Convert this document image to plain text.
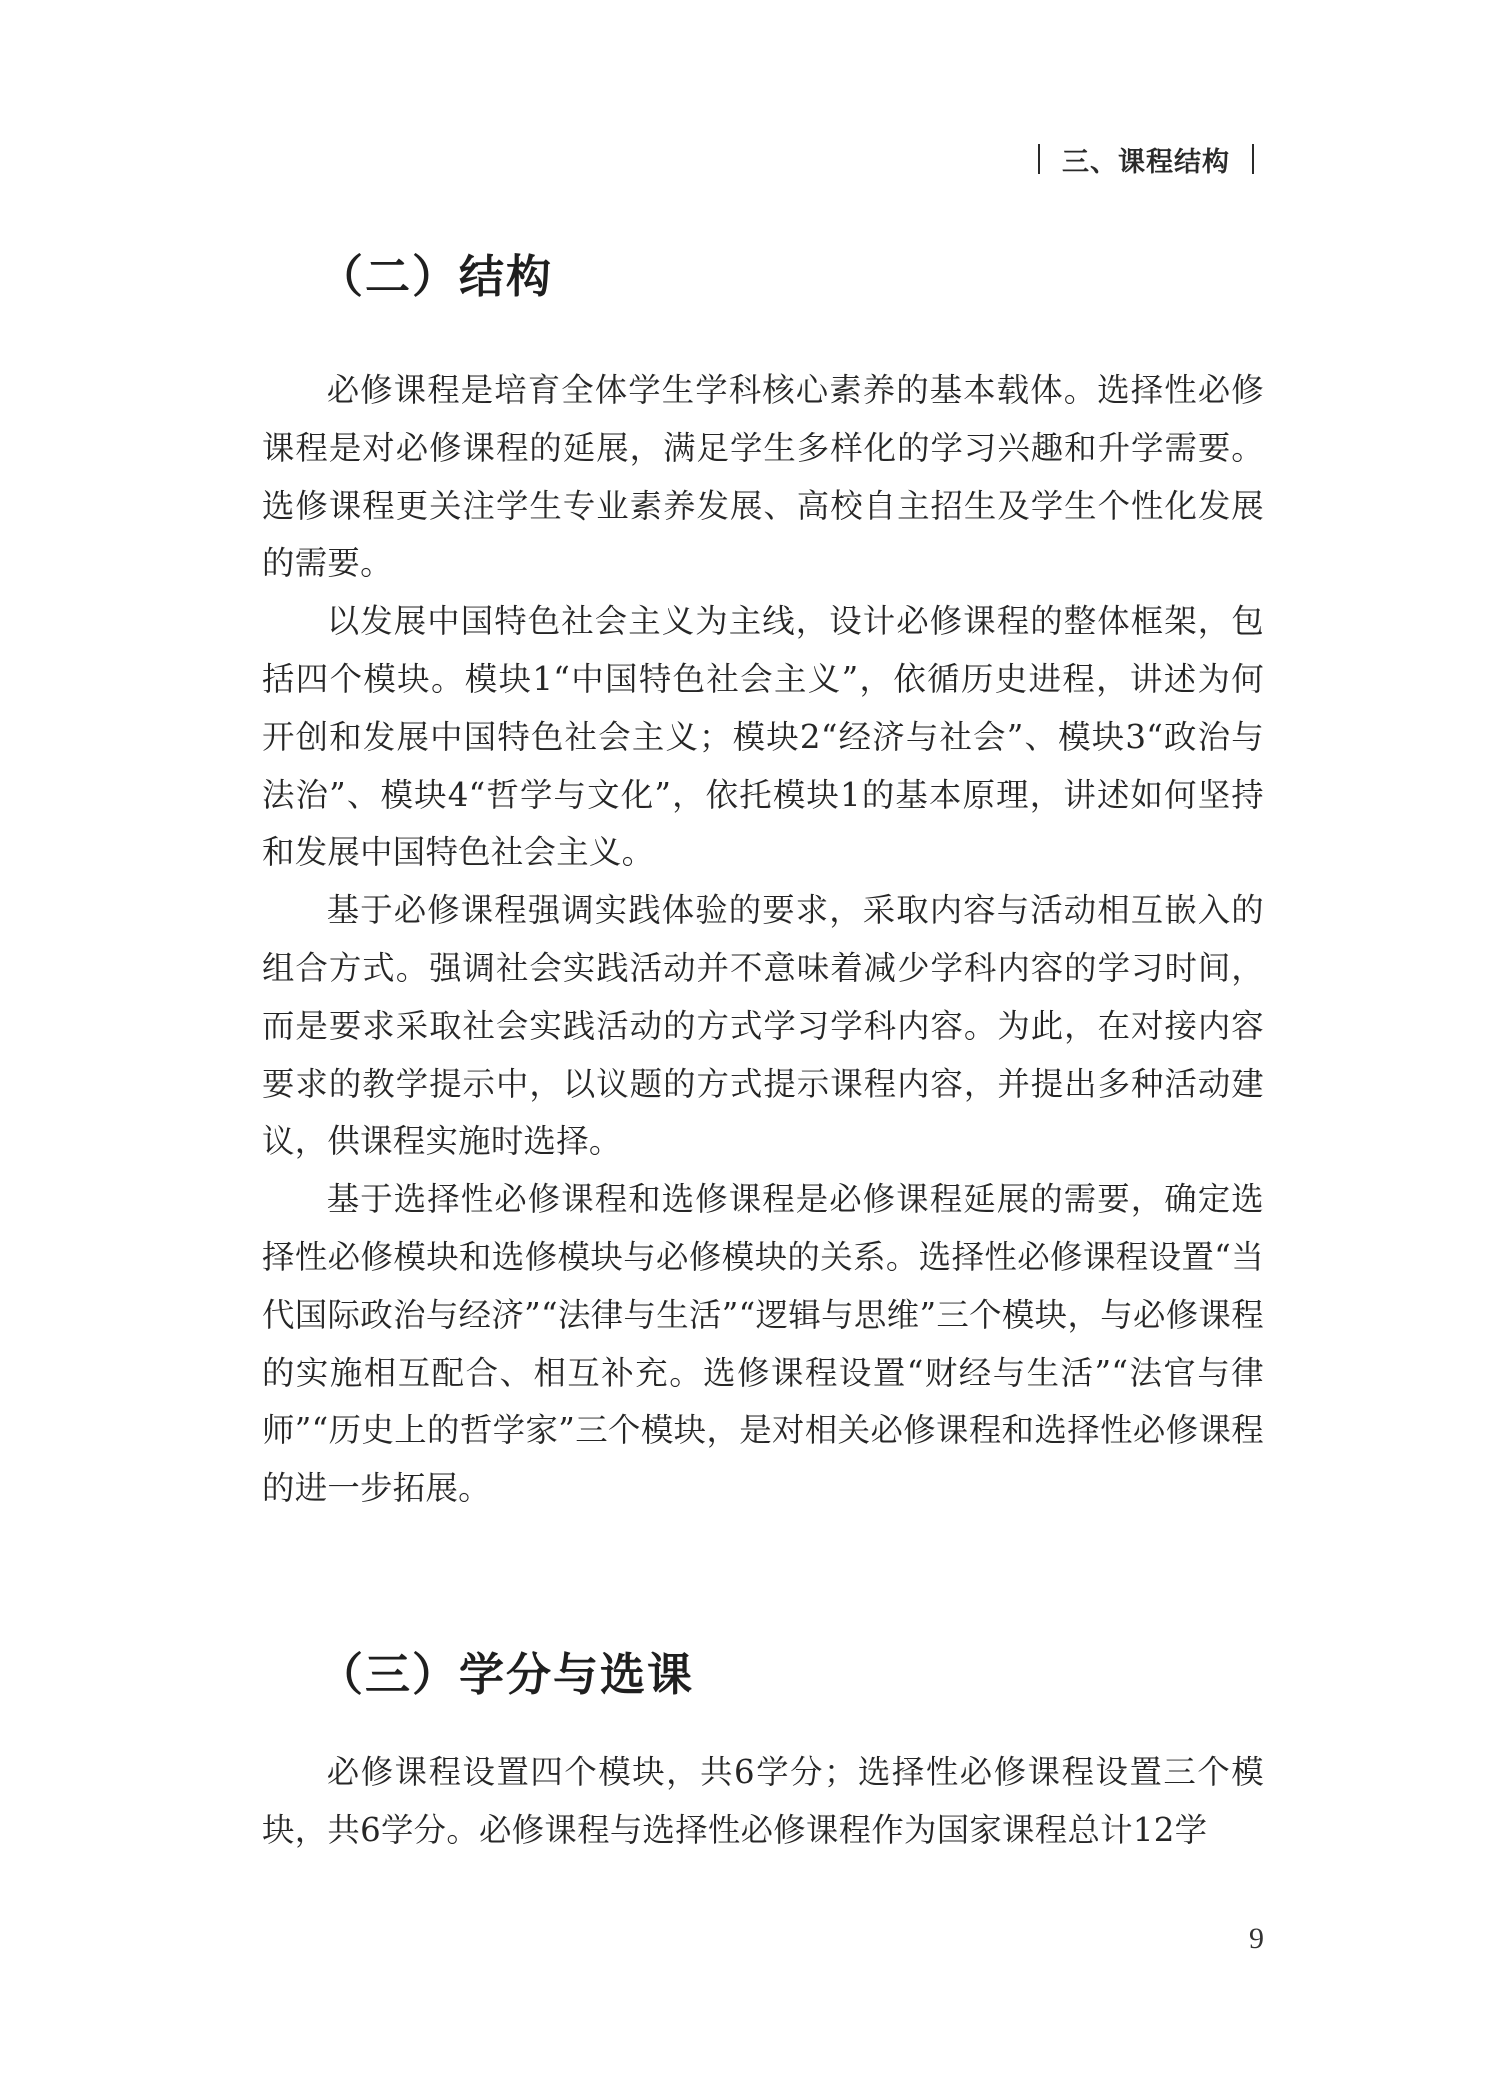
三、课程结构
（二）结构

必修课程是培育全体学生学科核心素养的基本载体。选择性必修课程是对必修课程的延展，满足学生多样化的学习兴趣和升学需要。选修课程更关注学生专业素养发展、高校自主招生及学生个性化发展的需要。

以发展中国特色社会主义为主线，设计必修课程的整体框架，包括四个模块。模块1“中国特色社会主义”，依循历史进程，讲述为何开创和发展中国特色社会主义；模块2“经济与社会”、模块3“政治与法治”、模块4“哲学与文化”，依托模块1的基本原理，讲述如何坚持和发展中国特色社会主义。

基于必修课程强调实践体验的要求，采取内容与活动相互嵌入的组合方式。强调社会实践活动并不意味着减少学科内容的学习时间，而是要求采取社会实践活动的方式学习学科内容。为此，在对接内容要求的教学提示中，以议题的方式提示课程内容，并提出多种活动建议，供课程实施时选择。

基于选择性必修课程和选修课程是必修课程延展的需要，确定选择性必修模块和选修模块与必修模块的关系。选择性必修课程设置“当代国际政治与经济”“法律与生活”“逻辑与思维”三个模块，与必修课程的实施相互配合、相互补充。选修课程设置“财经与生活”“法官与律师”“历史上的哲学家”三个模块，是对相关必修课程和选择性必修课程的进一步拓展。

（三）学分与选课

必修课程设置四个模块，共6学分；选择性必修课程设置三个模块，共6学分。必修课程与选择性必修课程作为国家课程总计12学

9
